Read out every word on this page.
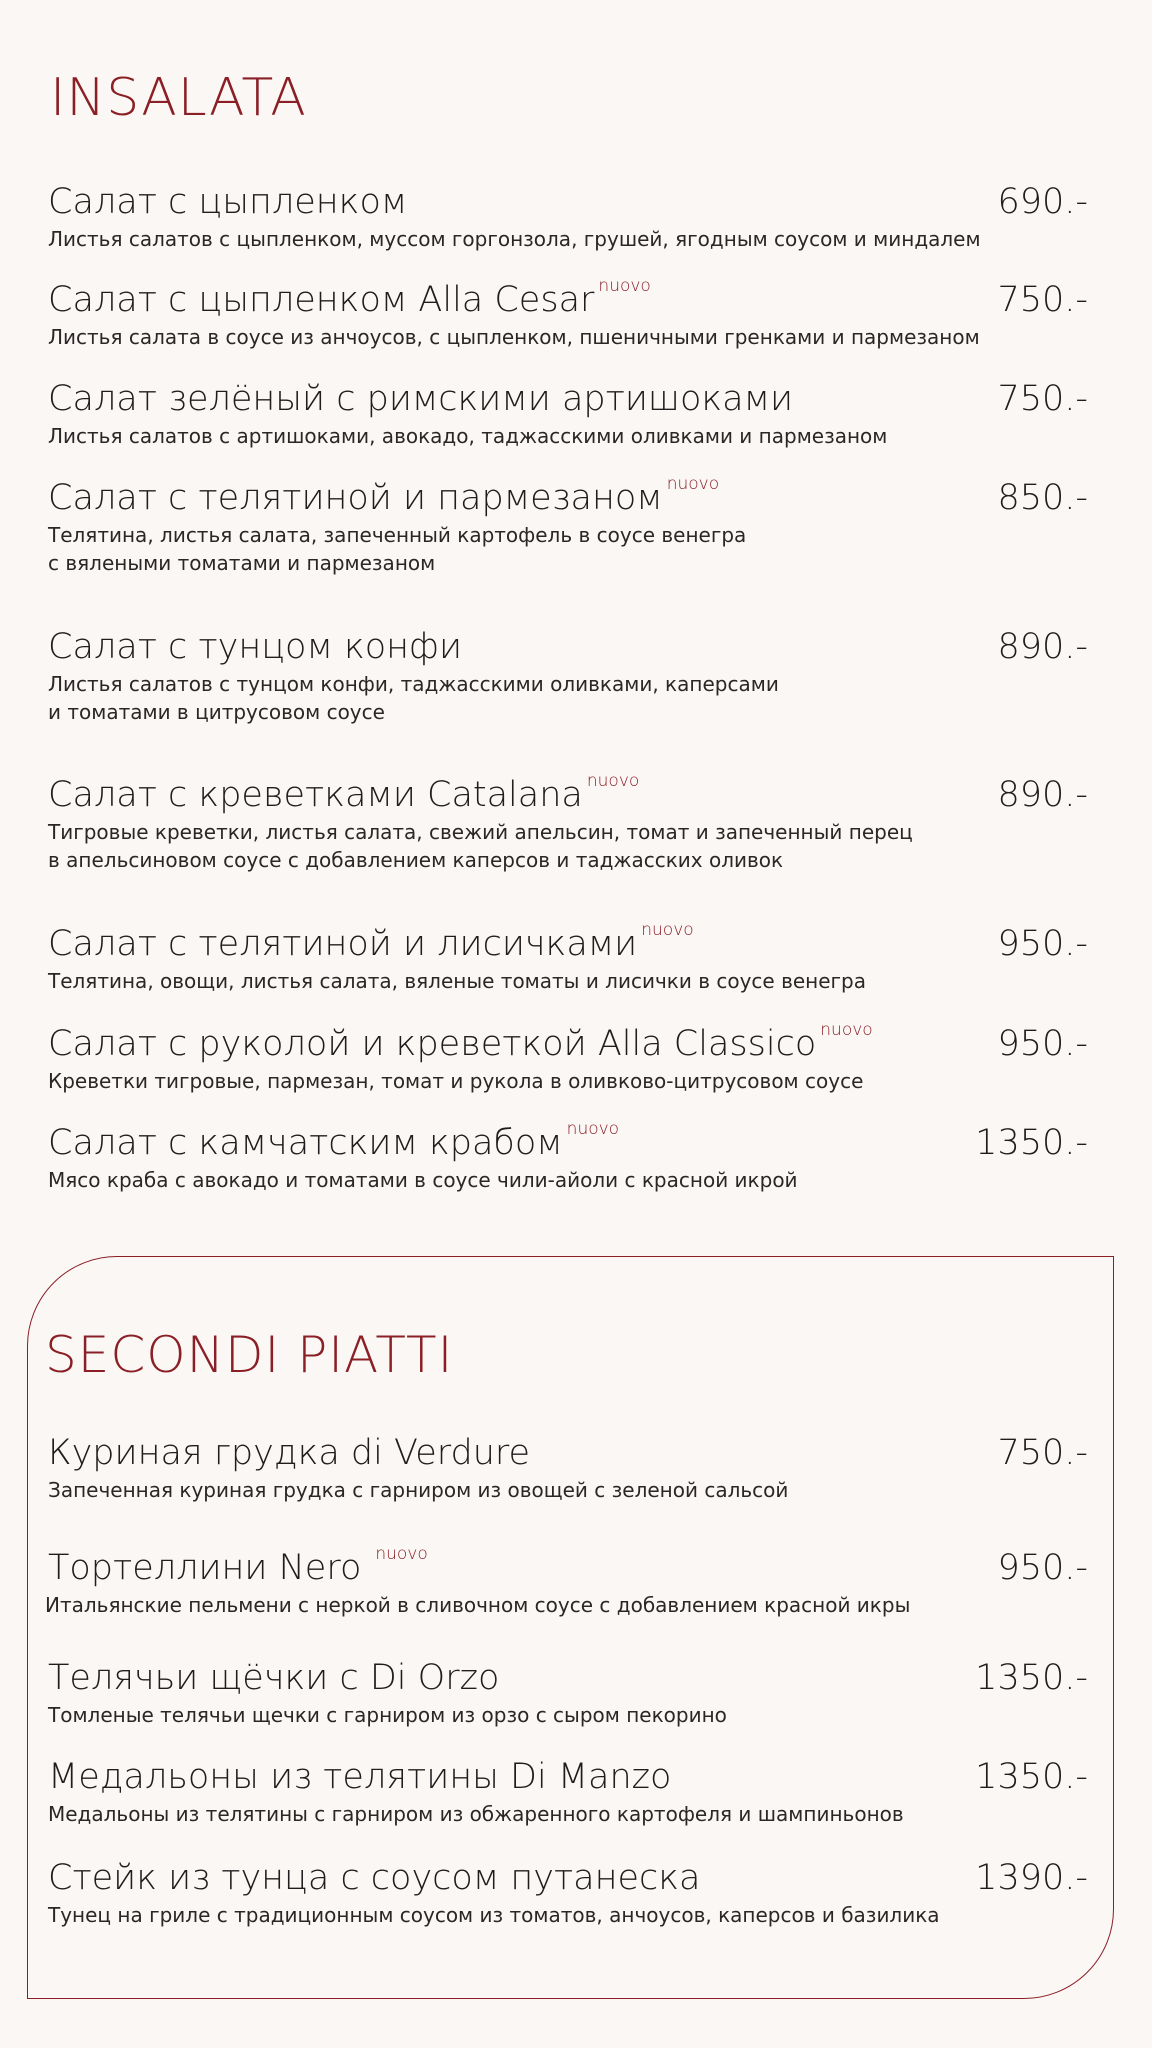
INSALATA
Салат с цыпленком	690.-
Листья салатов с цыпленком, муссом горгонзола, грушей, ягодным соусом и миндалем
Салат с цыпленком Alla Cesar $^{nuovo}$	750.-
Листья салата в соусе из анчоусов, с цыпленком, пшеничными гренками и пармезаном
Салат зелёный с римскими артишоками	750.-
Листья салатов с артишоками, авокадо, таджасскими оливками и пармезаном
Салат с телятиной и пармезаном $^{nuovo}$	850.-
Телятина, листья салата, запеченный картофель в соусе венегра
с вялеными томатами и пармезаном
Салат с тунцом конфи	890.-
Листья салатов с тунцом конфи, таджасскими оливками, каперсами
и томатами в цитрусовом соусе
Салат с креветками Catalana $^{nuovo}$	890.-
Тигровые креветки, листья салата, свежий апельсин, томат и запеченный перец
в апельсиновом соусе с добавлением каперсов и таджасских оливок
Салат с телятиной и лисичками $^{nuovo}$	950.-
Телятина, овощи, листья салата, вяленые томаты и лисички в соусе венегра
Салат с руколой и креветкой Alla Classico $^{nuovo}$	950.-
Креветки тигровые, пармезан, томат и рукола в оливково-цитрусовом соусе
Салат с камчатским крабом $^{nuovo}$	1350.-
Мясо краба с авокадо и томатами в соусе чили-айоли с красной икрой
SECONDI PIATTI
Куриная грудка di Verdure	750.-
Запеченная куриная грудка с гарниром из овощей с зеленой сальсой
Тортеллини Nero $^{nuovo}$	950.-
Итальянские пельмени с неркой в сливочном соусе с добавлением красной икры
Телячьи щёчки с Di Orzo	1350.-
Томленые телячьи щечки с гарниром из орзо с сыром пекорино
Медальоны из телятины Di Manzo	1350.-
Медальоны из телятины с гарниром из обжаренного картофеля и шампиньонов
Стейк из тунца с соусом путанеска	1390.-
Тунец на гриле с традиционным соусом из томатов, анчоусов, каперсов и базилика
